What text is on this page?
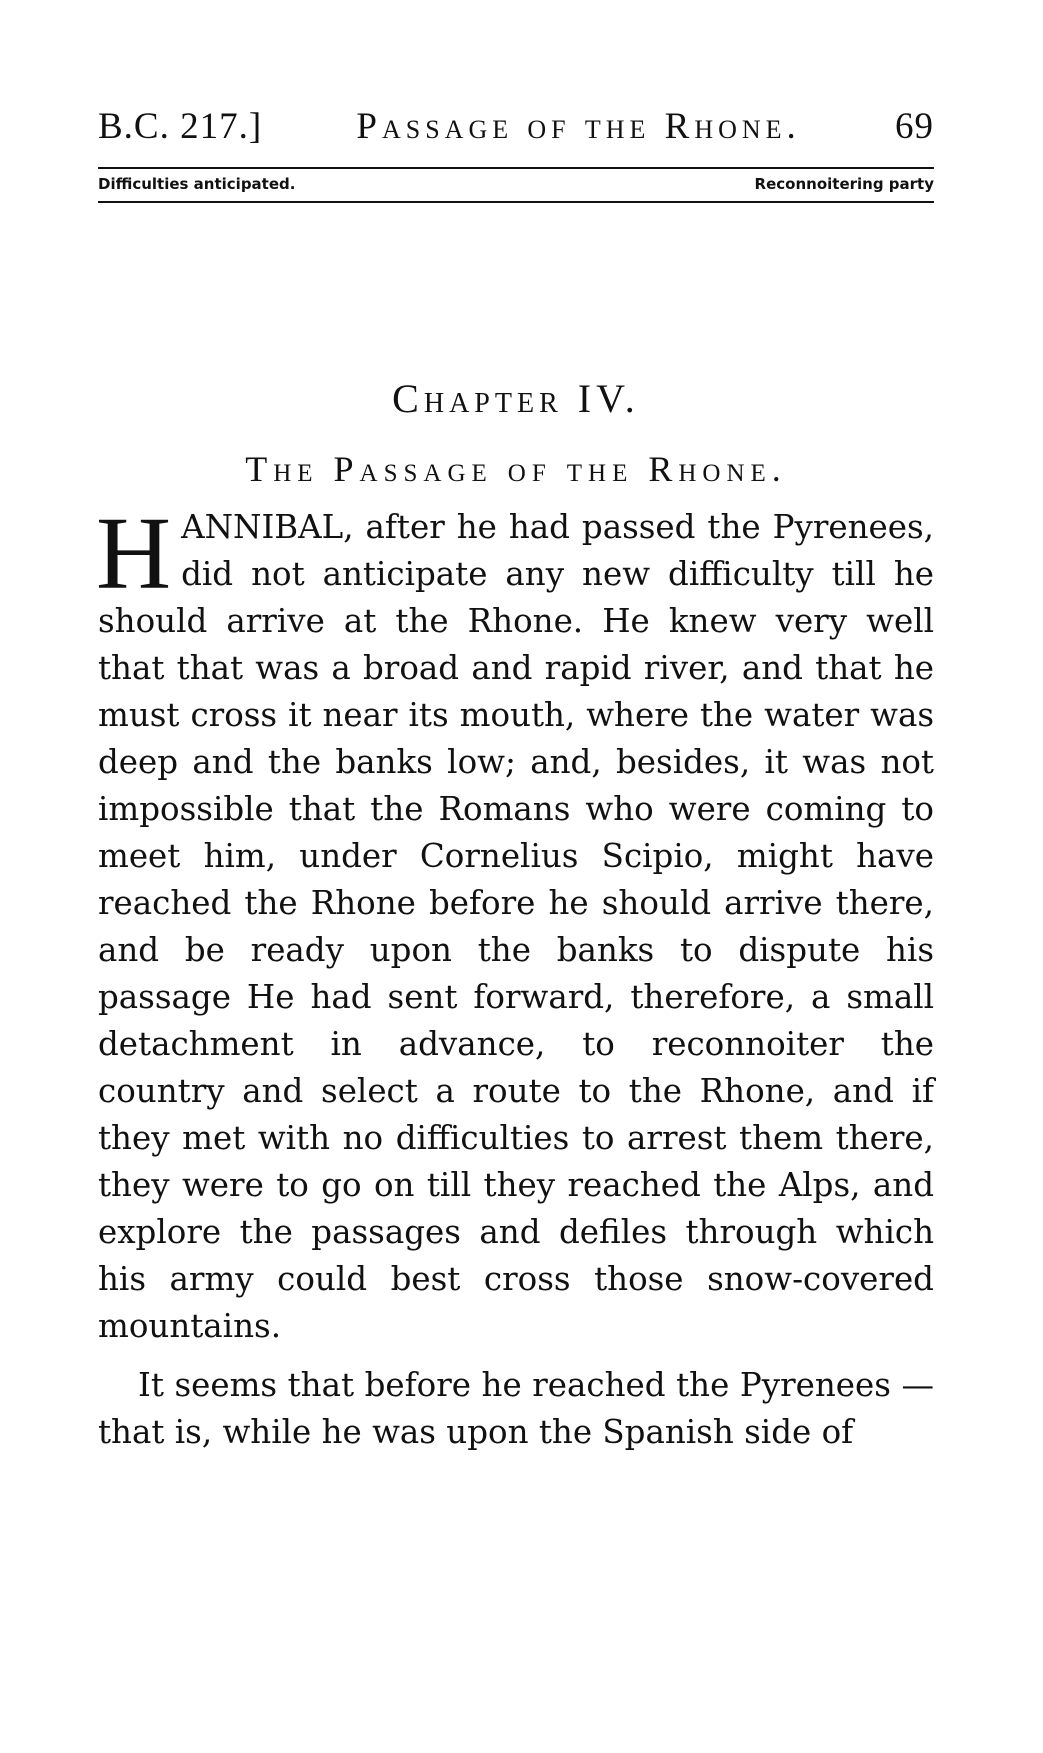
B.C. 217.]	Passage of the Rhone.	69
Difficulties anticipated.	Reconnoitering party
Chapter IV.
The Passage of the Rhone.

HANNIBAL, after he had passed the Pyrenees, did not anticipate any new difficulty till he should arrive at the Rhone. He knew very well that that was a broad and rapid river, and that he must cross it near its mouth, where the water was deep and the banks low; and, besides, it was not impossible that the Romans who were coming to meet him, under Cornelius Scipio, might have reached the Rhone before he should arrive there, and be ready upon the banks to dispute his passage He had sent forward, therefore, a small detachment in advance, to reconnoiter the country and select a route to the Rhone, and if they met with no difficulties to arrest them there, they were to go on till they reached the Alps, and explore the passages and defiles through which his army could best cross those snow-covered mountains.

It seems that before he reached the Pyrenees —that is, while he was upon the Spanish side of
